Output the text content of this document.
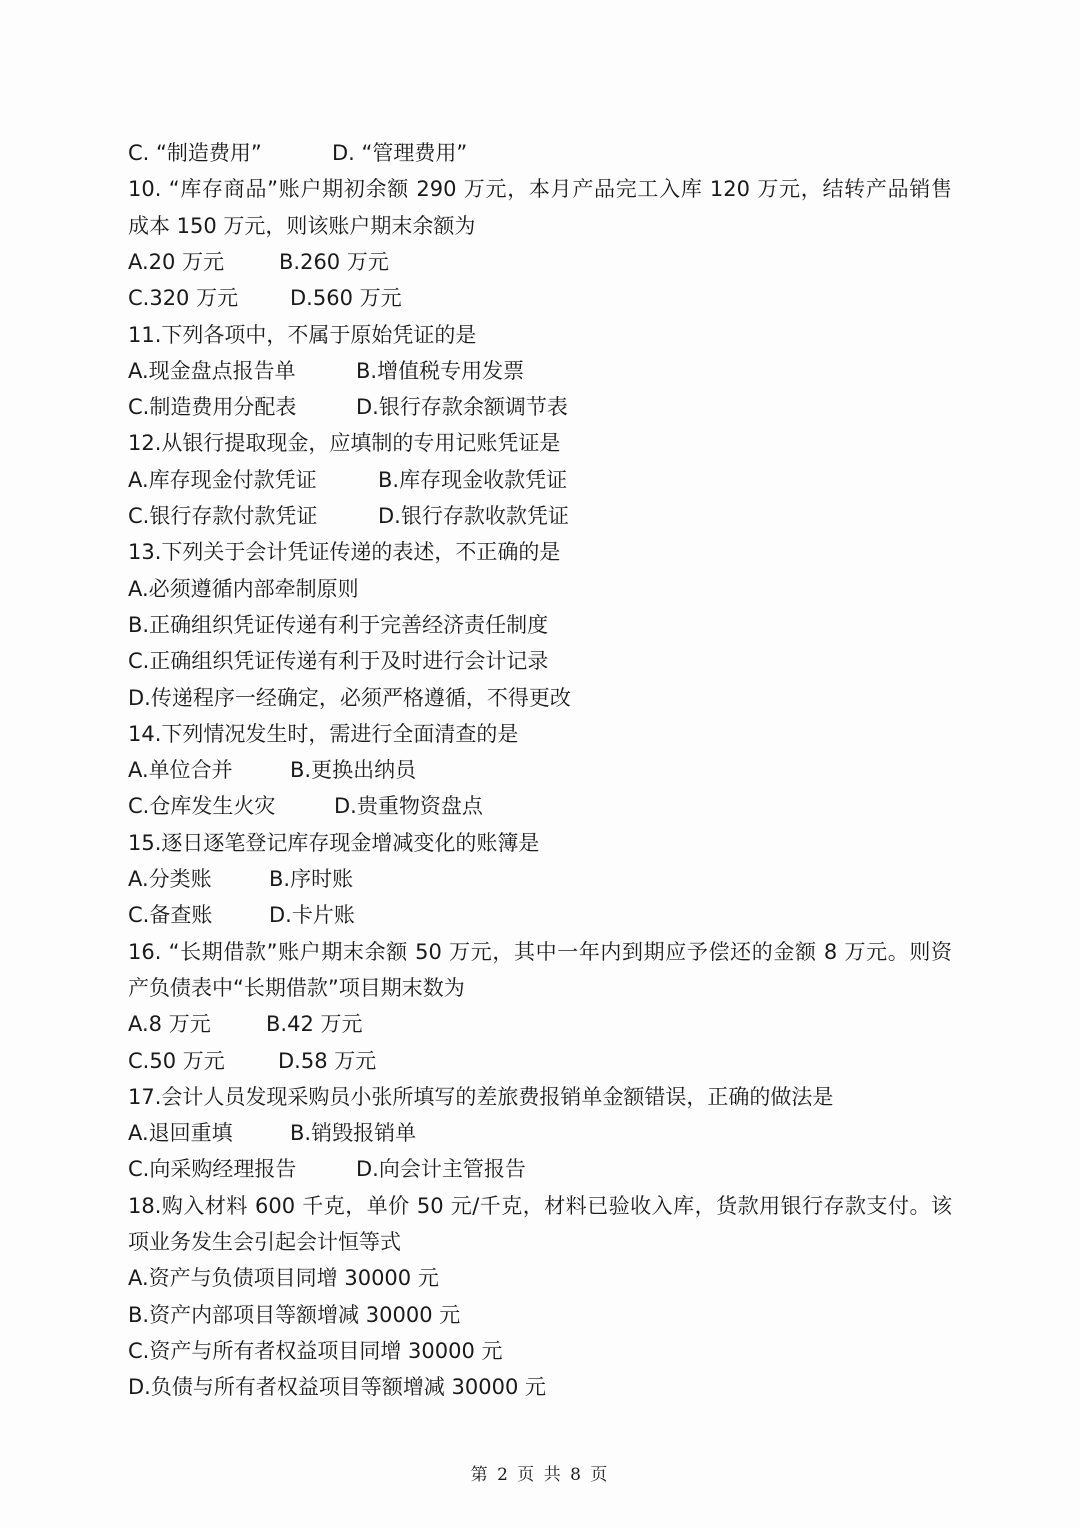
C. “制造费用”	D. “管理费用”
10. “库存商品”账户期初余额 290 万元，本月产品完工入库 120 万元，结转产品销售
成本 150 万元，则该账户期末余额为
A.20 万元	B.260 万元
C.320 万元 D.560 万元
11.下列各项中，不属于原始凭证的是
A.现金盘点报告单	B.增值税专用发票
C.制造费用分配表	D.银行存款余额调节表
12.从银行提取现金，应填制的专用记账凭证是
A.库存现金付款凭证	B.库存现金收款凭证
C.银行存款付款凭证	D.银行存款收款凭证
13.下列关于会计凭证传递的表述，不正确的是
A.必须遵循内部牵制原则
B.正确组织凭证传递有利于完善经济责任制度
C.正确组织凭证传递有利于及时进行会计记录
D.传递程序一经确定，必须严格遵循，不得更改
14.下列情况发生时，需进行全面清查的是
A.单位合并	B.更换出纳员
C.仓库发生火灾	D.贵重物资盘点
15.逐日逐笔登记库存现金增减变化的账簿是
A.分类账	B.序时账
C.备查账	D.卡片账
16. “长期借款”账户期末余额 50 万元，其中一年内到期应予偿还的金额 8 万元。则资
产负债表中“长期借款”项目期末数为
A.8 万元	B.42 万元
C.50 万元	D.58 万元
17.会计人员发现采购员小张所填写的差旅费报销单金额错误，正确的做法是
A.退回重填	B.销毁报销单
C.向采购经理报告	D.向会计主管报告
18.购入材料 600 千克，单价 50 元/千克，材料已验收入库，货款用银行存款支付。该
项业务发生会引起会计恒等式
A.资产与负债项目同增 30000 元
B.资产内部项目等额增减 30000 元
C.资产与所有者权益项目同增 30000 元
D.负债与所有者权益项目等额增减 30000 元
第 2 页 共 8 页
